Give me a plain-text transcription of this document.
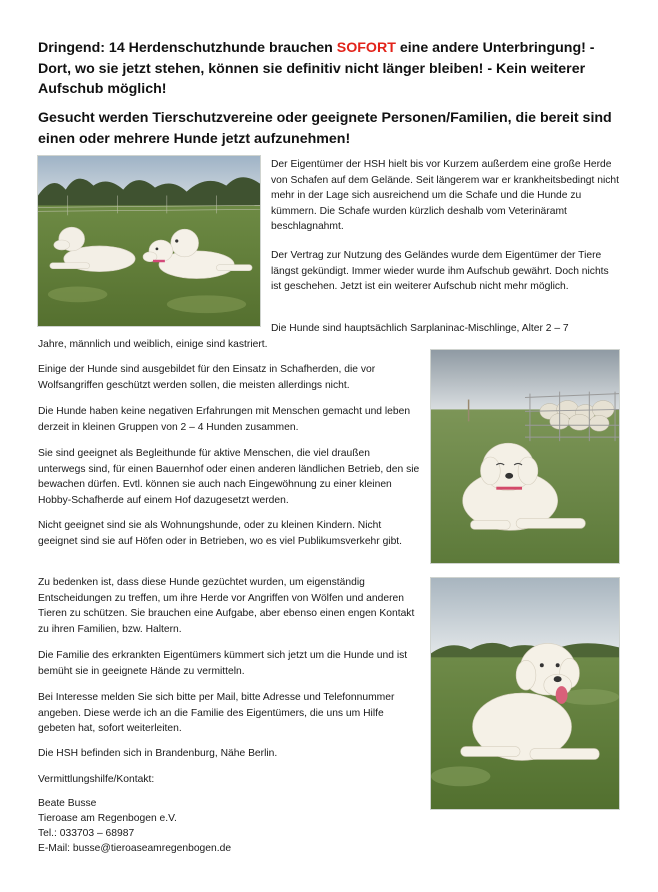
Dringend: 14 Herdenschutzhunde brauchen SOFORT eine andere Unterbringung! - Dort, wo sie jetzt stehen, können sie definitiv nicht länger bleiben! - Kein weiterer Aufschub möglich!
Gesucht werden Tierschutzvereine oder geeignete Personen/Familien, die bereit sind einen oder mehrere Hunde jetzt aufzunehmen!
Der Eigentümer der HSH hielt bis vor Kurzem außerdem eine große Herde von Schafen auf dem Gelände. Seit längerem war er krankheitsbedingt nicht mehr in der Lage sich ausreichend um die Schafe und die Hunde zu kümmern. Die Schafe wurden kürzlich deshalb vom Veterinäramt beschlagnahmt.
Der Vertrag zur Nutzung des Geländes wurde dem Eigentümer der Tiere längst gekündigt. Immer wieder wurde ihm Aufschub gewährt. Doch nichts ist geschehen. Jetzt ist ein weiterer Aufschub nicht mehr möglich.
Die Hunde sind hauptsächlich Sarplaninac-Mischlinge, Alter 2 – 7
Jahre, männlich und weiblich, einige sind kastriert.
Einige der Hunde sind ausgebildet für den Einsatz in Schafherden, die vor Wolfsangriffen geschützt werden sollen, die meisten allerdings nicht.
Die Hunde haben keine negativen Erfahrungen mit Menschen gemacht und leben derzeit in kleinen Gruppen von 2 – 4 Hunden zusammen.
Sie sind geeignet als Begleithunde für aktive Menschen, die viel draußen unterwegs sind, für einen Bauernhof oder einen anderen ländlichen Betrieb, den sie bewachen dürfen. Evtl. können sie auch nach Eingewöhnung zu einer kleinen Hobby-Schafherde auf einem Hof dazugesetzt werden.
Nicht geeignet sind sie als Wohnungshunde, oder zu kleinen Kindern. Nicht geeignet sind sie auf Höfen oder in Betrieben, wo es viel Publikumsverkehr gibt.
Zu bedenken ist, dass diese Hunde gezüchtet wurden, um eigenständig Entscheidungen zu treffen, um ihre Herde vor Angriffen von Wölfen und anderen Tieren zu schützen. Sie brauchen eine Aufgabe, aber ebenso einen engen Kontakt zu ihren Familien, bzw. Haltern.
Die Familie des erkrankten Eigentümers kümmert sich jetzt um die Hunde und ist bemüht sie in geeignete Hände zu vermitteln.
Bei Interesse melden Sie sich bitte per Mail, bitte Adresse und Telefonnummer angeben. Diese werde ich an die Familie des Eigentümers, die uns um Hilfe gebeten hat, sofort weiterleiten.
Die HSH befinden sich in Brandenburg, Nähe Berlin.
Vermittlungshilfe/Kontakt:
Beate Busse
Tieroase am Regenbogen e.V.
Tel.: 033703 – 68987
E-Mail: busse@tieroaseamregenbogen.de
